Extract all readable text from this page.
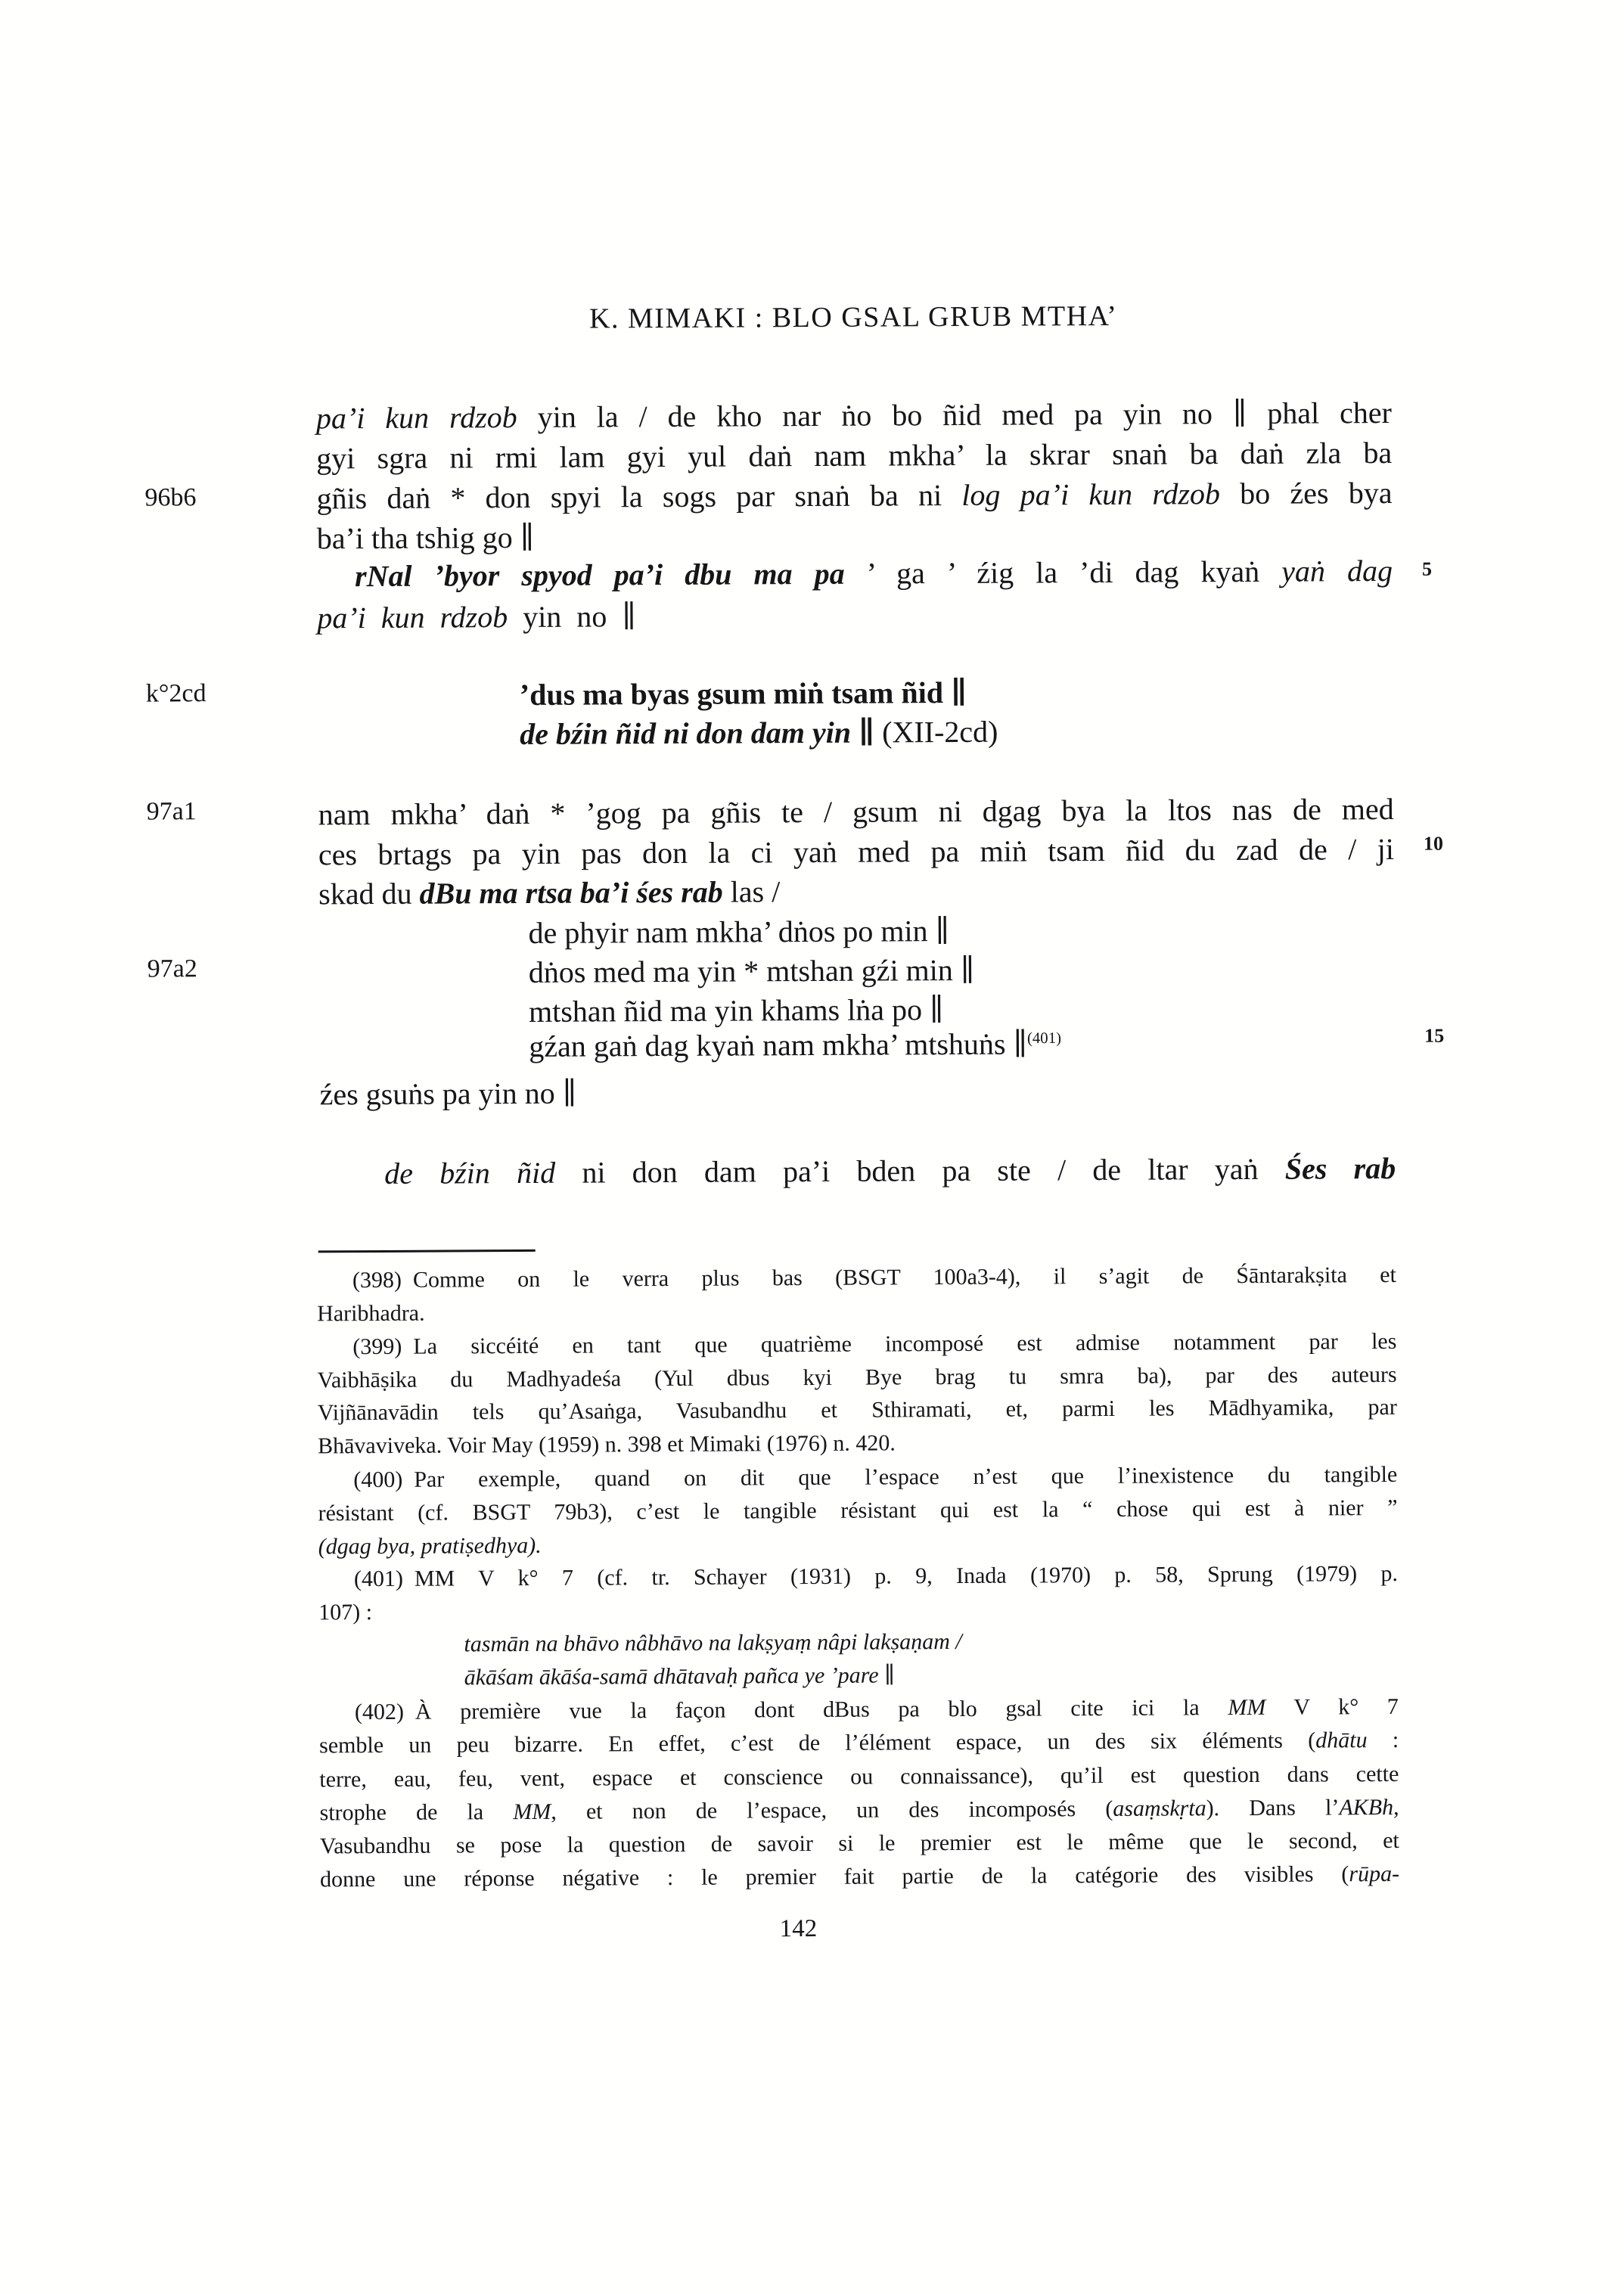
K. MIMAKI : BLO GSAL GRUB MTHA’
96b6
k°2cd
97a1
97a2
pa’i kun rdzob yin la / de kho nar ṅo bo ñid med pa yin no ∥ phal cher
gyi sgra ni rmi lam gyi yul daṅ nam mkha’ la skrar snaṅ ba daṅ zla ba
gñis daṅ * don spyi la sogs par snaṅ ba ni log pa’i kun rdzob bo źes bya
ba’i tha tshig go ∥
rNal ’byor spyod pa’i dbu ma pa ’ ga ’ źig la ’di dag kyaṅ yaṅ dag
pa’i kun rdzob yin no ∥
’dus ma byas gsum miṅ tsam ñid ∥
de bźin ñid ni don dam yin ∥ (XII-2cd)
nam mkha’ daṅ * ’gog pa gñis te / gsum ni dgag bya la ltos nas de med
ces brtags pa yin pas don la ci yaṅ med pa miṅ tsam ñid du zad de / ji
skad du dBu ma rtsa ba’i śes rab las /
de phyir nam mkha’ dṅos po min ∥
dṅos med ma yin * mtshan gźi min ∥
mtshan ñid ma yin khams lṅa po ∥
gźan gaṅ dag kyaṅ nam mkha’ mtshuṅs ∥$^{(401)}$
źes gsuṅs pa yin no ∥
de bźin ñid ni don dam pa’i bden pa ste / de ltar yaṅ Śes rab
5
10
15
(398) Comme on le verra plus bas (BSGT 100a3-4), il s’agit de Śāntarakṣita et
Haribhadra.
(399) La siccéité en tant que quatrième incomposé est admise notamment par les
Vaibhāṣika du Madhyadeśa (Yul dbus kyi Bye brag tu smra ba), par des auteurs
Vijñānavādin tels qu’Asaṅga, Vasubandhu et Sthiramati, et, parmi les Mādhyamika, par
Bhāvaviveka. Voir May (1959) n. 398 et Mimaki (1976) n. 420.
(400) Par exemple, quand on dit que l’espace n’est que l’inexistence du tangible
résistant (cf. BSGT 79b3), c’est le tangible résistant qui est la “ chose qui est à nier ”
(dgag bya, pratiṣedhya).
(401) MM V k° 7 (cf. tr. Schayer (1931) p. 9, Inada (1970) p. 58, Sprung (1979) p.
107) :
tasmān na bhāvo nâbhāvo na lakṣyaṃ nâpi lakṣaṇam /
ākāśam ākāśa-samā dhātavaḥ pañca ye ’pare ∥
(402) À première vue la façon dont dBus pa blo gsal cite ici la MM V k° 7
semble un peu bizarre. En effet, c’est de l’élément espace, un des six éléments (dhātu :
terre, eau, feu, vent, espace et conscience ou connaissance), qu’il est question dans cette
strophe de la MM, et non de l’espace, un des incomposés (asaṃskṛta). Dans l’AKBh,
Vasubandhu se pose la question de savoir si le premier est le même que le second, et
donne une réponse négative : le premier fait partie de la catégorie des visibles (rūpa-
142
